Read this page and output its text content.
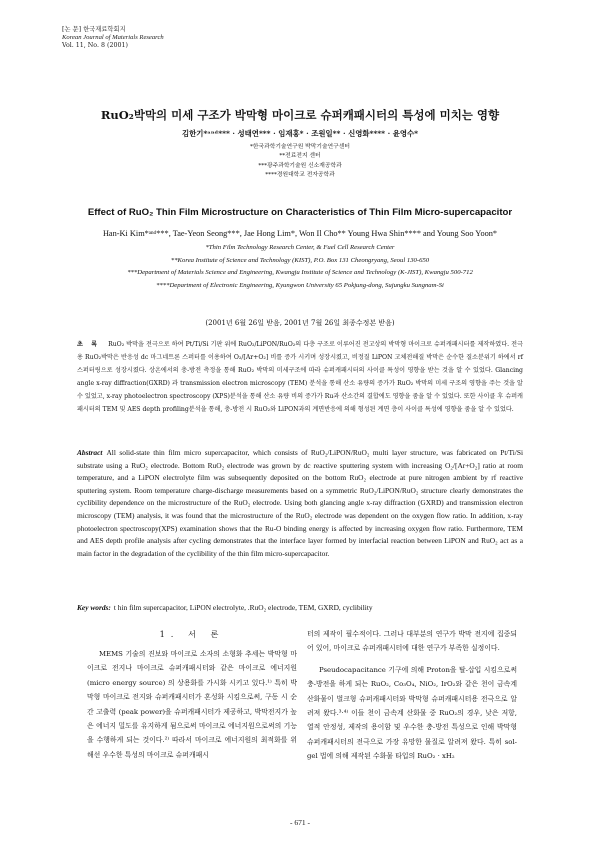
[논 문] 한국재료학회지
Korean Journal of Materials Research
Vol. 11, No. 8 (2001)
RuO₂박막의 미세 구조가 박막형 마이크로 슈퍼캐패시터의 특성에 미치는 영향
김한기*ᵃⁿᵈ*** · 성태연*** · 임재홍* · 조원일** · 신영화**** · 윤영수*
*한국과학기술연구원 박막기술연구센터
**전료전지 센터
***광주과학기술원 신소재공학과
****경원대학교 전자공학과
Effect of RuO₂ Thin Film Microstructure on Characteristics of Thin Film Micro-supercapacitor
Han-Ki Kim*ᵃⁿᵈ***, Tae-Yeon Seong***, Jae Hong Lim*, Won Il Cho** Young Hwa Shin**** and Young Soo Yoon*
*Thin Film Technology Research Center, & Fuel Cell Research Center
**Korea Institute of Science and Technology (KIST), P.O. Box 131 Cheongryang, Seoul 130-650
***Department of Materials Science and Engineering, Kwangju Institute of Science and Technology (K-JIST), Kwangju 500-712
****Department of Electronic Engineering, Kyungwon University 65 Pokjung-dong, Sujungku Sungnam-Si
(2001년 6월 26일 받음, 2001년 7월 26일 최종수정본 받음)
초 록 RuO₂ 박막을 전극으로 하여 Pt/Ti/Si 기판 위에 RuO₂/LiPON/RuO₂의 다층 구조로 이루어진 전고상의 박막형 마이크로 슈퍼캐패시터를 제작하였다. 전극용 RuO₂박막은 반응성 dc 마그네트론 스퍼터를 이용하여 O₂/[Ar+O₂] 비를 증가 시키며 성장시켰고, 비정질 LiPON 고체전해질 박막은 순수한 질소분위기 하에서 rf 스퍼터링으로 성장시켰다. 상온에서의 충-방전 측정을 통해 RuO₂ 박막의 미세구조에 따라 슈퍼캐패시터의 사이클 특성이 영향을 받는 것을 알 수 있었다. Glancing angle x-ray diffraction(GXRD) 과 transmission electron microscopy (TEM) 분석을 통해 산소 유량의 증가가 RuO₂ 박막의 미세 구조의 영향을 주는 것을 알 수 있었고, x-ray photoelectron spectroscopy (XPS)분석을 통해 산소 유량 비의 증가가 Ru과 산소간의 결합에도 영향을 줌을 알 수 있었다. 또한 사이클 후 슈퍼캐패시터의 TEM 및 AES depth profiling분석을 통해, 충-방전 시 RuO₂와 LiPON과의 계면반응에 의해 형성된 계면 층이 사이클 특성에 영향을 줌을 알 수 있었다.
Abstract All solid-state thin film micro supercapacitor, which consists of RuO₂/LiPON/RuO₂ multi layer structure, was fabricated on Pt/Ti/Si substrate using a RuO₂ electrode. Bottom RuO₂ electrode was grown by dc reactive sputtering system with increasing O₂/[Ar+O₂] ratio at room temperature, and a LiPON electrolyte film was subsequently deposited on the bottom RuO₂ electrode at pure nitrogen ambient by rf reactive sputtering system. Room temperature charge-discharge measurements based on a symmetric RuO₂/LiPON/RuO₂ structure clearly demonstrates the cyclibility dependence on the microstructure of the RuO₂ electrode. Using both glancing angle x-ray diffraction (GXRD) and transmission electron microscopy (TEM) analysis, it was found that the microstructure of the RuO₂ electrode was dependent on the oxygen flow ratio. In addition, x-ray photoelectron spectroscopy(XPS) examination shows that the Ru-O binding energy is affected by increasing oxygen flow ratio. Furthermore, TEM and AES depth profile analysis after cycling demonstrates that the interface layer formed by interfacial reaction between LiPON and RuO₂ act as a main factor in the degradation of the cyclibility of the thin film micro-supercapacitor.
Key words: t hin film supercapacitor, LiPON electrolyte, .RuO₂ electrode, TEM, GXRD, cyclibility
1. 서 론

MEMS 기술의 진보와 마이크로 소자의 소형화 추세는 박막형 마이크로 전지나 마이크로 슈퍼캐패시터와 같은 마이크로 에너지원 (micro energy source) 의 상용화를 가시화 시키고 있다.¹⁾ 특히 박막형 마이크로 전지와 슈퍼캐패시터가 혼성화 시킴으로써, 구동 시 순간 고출력 (peak power)을 슈퍼캐패시터가 제공하고, 박막전지가 높은 에너지 밀도를 유지하게 됨으로써 마이크로 에너지원으로써의 기능을 수행하게 되는 것이다.²⁾ 따라서 마이크로 에너지원의 최적화를 위해선 우수한 특성의 마이크로 슈퍼캐패시

터의 제작이 필수적이다. 그러나 대부분의 연구가 박막 전지에 집중되어 있어, 마이크로 슈퍼캐패시터에 대한 연구가 부족한 실정이다.

Pseudocapacitance 기구에 의해 Proton을 탈-삽입 시킴으로써 충-방전을 하게 되는 RuO₂, Co₃O₄, NiO₂, IrO₂와 같은 천이 금속계 산화물이 벌크형 슈퍼캐패시터와 박막형 슈퍼캐패시터용 전극으로 알려져 왔다.³·⁴⁾ 이들 천이 금속계 산화물 중 RuO₂의 경우, 낮은 저항, 열적 안정성, 제작의 용이함 및 우수한 충-방전 특성으로 인해 박막형 슈퍼캐패시터의 전극으로 가장 유망한 물질로 알려져 왔다. 특히 sol-gel 법에 의해 제작된 수화물 타입의 RuO₂ · xH₂

- 671 -
